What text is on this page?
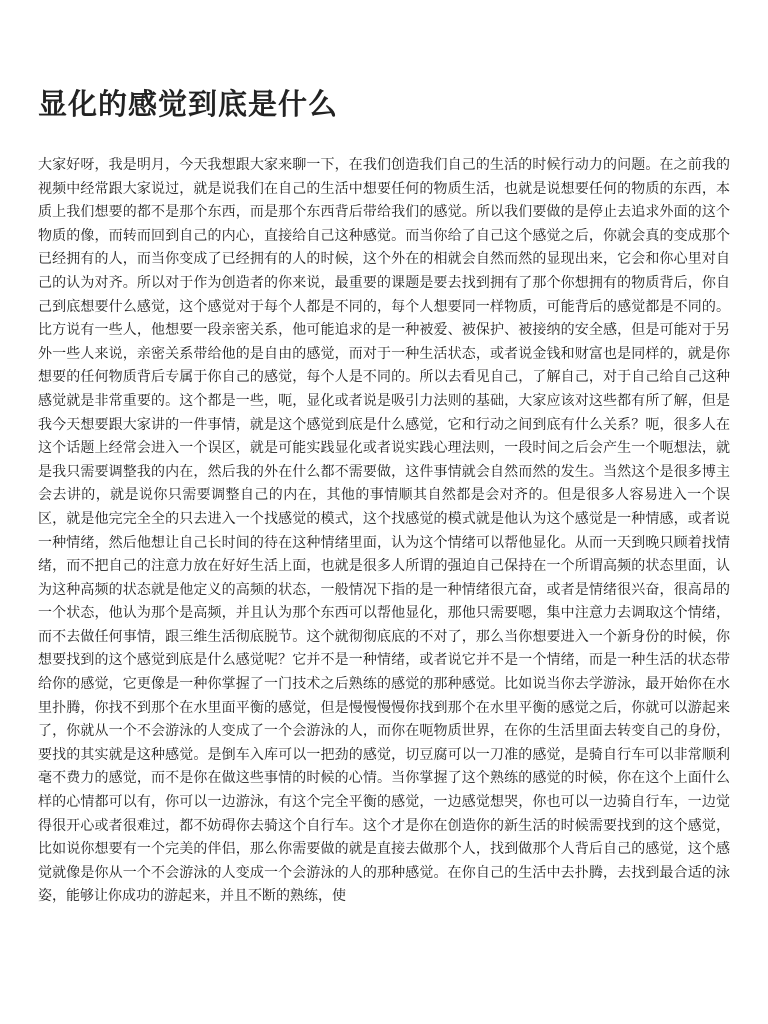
显化的感觉到底是什么

大家好呀，我是明月，今天我想跟大家来聊一下，在我们创造我们自己的生活的时候行动力的问题。在之前我的视频中经常跟大家说过，就是说我们在自己的生活中想要任何的物质生活，也就是说想要任何的物质的东西，本质上我们想要的都不是那个东西，而是那个东西背后带给我们的感觉。所以我们要做的是停止去追求外面的这个物质的像，而转而回到自己的内心，直接给自己这种感觉。而当你给了自己这个感觉之后，你就会真的变成那个已经拥有的人，而当你变成了已经拥有的人的时候，这个外在的相就会自然而然的显现出来，它会和你心里对自己的认为对齐。所以对于作为创造者的你来说，最重要的课题是要去找到拥有了那个你想拥有的物质背后，你自己到底想要什么感觉，这个感觉对于每个人都是不同的，每个人想要同一样物质，可能背后的感觉都是不同的。比方说有一些人，他想要一段亲密关系，他可能追求的是一种被爱、被保护、被接纳的安全感，但是可能对于另外一些人来说，亲密关系带给他的是自由的感觉，而对于一种生活状态，或者说金钱和财富也是同样的，就是你想要的任何物质背后专属于你自己的感觉，每个人是不同的。所以去看见自己，了解自己，对于自己给自己这种感觉就是非常重要的。这个都是一些，呃，显化或者说是吸引力法则的基础，大家应该对这些都有所了解，但是我今天想要跟大家讲的一件事情，就是这个感觉到底是什么感觉，它和行动之间到底有什么关系？呃，很多人在这个话题上经常会进入一个误区，就是可能实践显化或者说实践心理法则，一段时间之后会产生一个呃想法，就是我只需要调整我的内在，然后我的外在什么都不需要做，这件事情就会自然而然的发生。当然这个是很多博主会去讲的，就是说你只需要调整自己的内在，其他的事情顺其自然都是会对齐的。但是很多人容易进入一个误区，就是他完完全全的只去进入一个找感觉的模式，这个找感觉的模式就是他认为这个感觉是一种情感，或者说一种情绪，然后他想让自己长时间的待在这种情绪里面，认为这个情绪可以帮他显化。从而一天到晚只顾着找情绪，而不把自己的注意力放在好好生活上面，也就是很多人所谓的强迫自己保持在一个所谓高频的状态里面，认为这种高频的状态就是他定义的高频的状态，一般情况下指的是一种情绪很亢奋，或者是情绪很兴奋，很高昂的一个状态，他认为那个是高频，并且认为那个东西可以帮他显化，那他只需要嗯，集中注意力去调取这个情绪，而不去做任何事情，跟三维生活彻底脱节。这个就彻彻底底的不对了，那么当你想要进入一个新身份的时候，你想要找到的这个感觉到底是什么感觉呢？它并不是一种情绪，或者说它并不是一个情绪，而是一种生活的状态带给你的感觉，它更像是一种你掌握了一门技术之后熟练的感觉的那种感觉。比如说当你去学游泳，最开始你在水里扑腾，你找不到那个在水里面平衡的感觉，但是慢慢慢慢你找到那个在水里平衡的感觉之后，你就可以游起来了，你就从一个不会游泳的人变成了一个会游泳的人，而你在呃物质世界，在你的生活里面去转变自己的身份，要找的其实就是这种感觉。是倒车入库可以一把劲的感觉，切豆腐可以一刀准的感觉，是骑自行车可以非常顺利毫不费力的感觉，而不是你在做这些事情的时候的心情。当你掌握了这个熟练的感觉的时候，你在这个上面什么样的心情都可以有，你可以一边游泳，有这个完全平衡的感觉，一边感觉想哭，你也可以一边骑自行车，一边觉得很开心或者很难过，都不妨碍你去骑这个自行车。这个才是你在创造你的新生活的时候需要找到的这个感觉，比如说你想要有一个完美的伴侣，那么你需要做的就是直接去做那个人，找到做那个人背后自己的感觉，这个感觉就像是你从一个不会游泳的人变成一个会游泳的人的那种感觉。在你自己的生活中去扑腾，去找到最合适的泳姿，能够让你成功的游起来，并且不断的熟练，使
